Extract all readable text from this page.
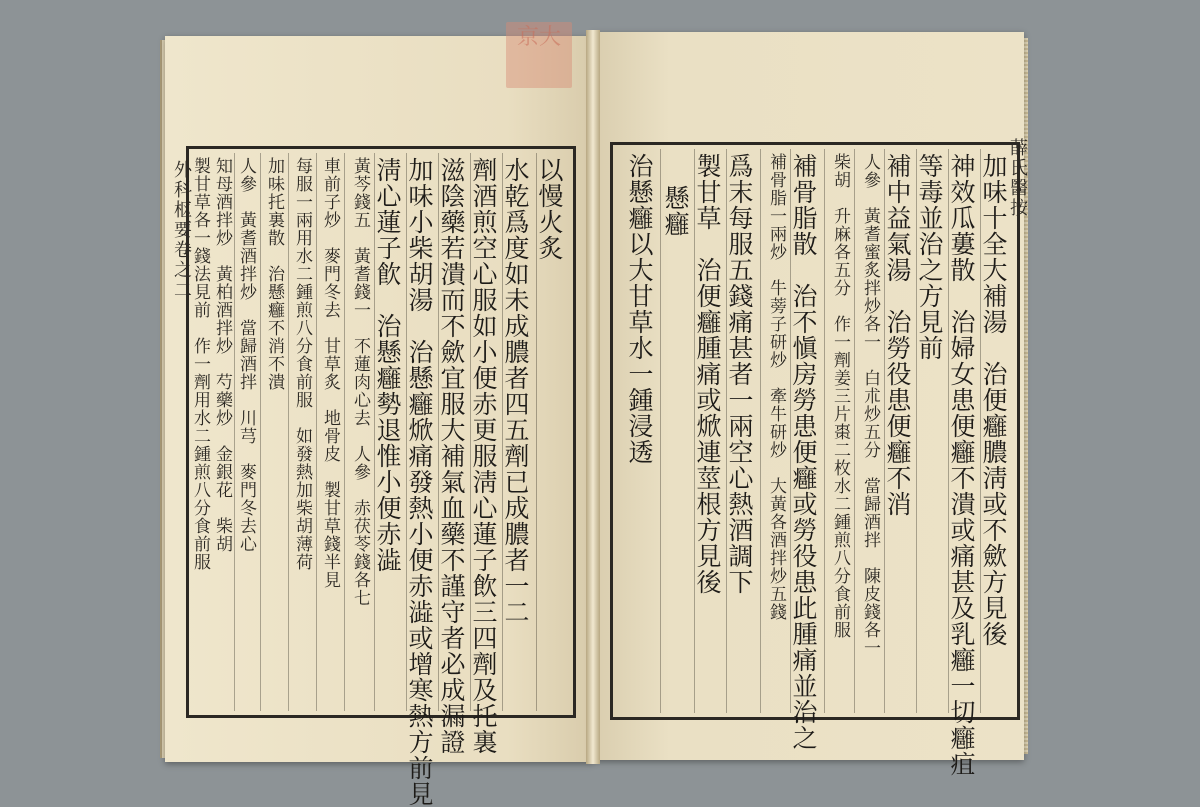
京大
以慢火炙
水乾爲度如未成膿者四五劑已成膿者一二
劑酒煎空心服如小便赤更服淸心蓮子飲三四劑及托裏
滋陰藥若潰而不歛宜服大補氣血藥不謹守者必成漏證
加味小柴胡湯　治懸癰焮痛發熱小便赤澁或增寒熱方前見
淸心蓮子飮　治懸癰勢退惟小便赤澁
黃芩錢五　黃耆錢一　不蓮肉心去　人參　赤茯苓錢各七
車前子炒　麥門冬去　甘草炙　地骨皮　製甘草錢半見
每服一兩用水二鍾煎八分食前服　如發熱加柴胡薄荷
加味托裏散　治懸癰不消不潰
人參　黃耆酒拌炒　當歸酒拌　川芎　麥門冬去心
知母酒拌炒　黃柏酒拌炒　芍藥炒　金銀花　柴胡
製甘草各一錢法見前　作一劑用水二鍾煎八分食前服
外科枢要卷之二	加味十全大補湯　治便癰膿淸或不歛方見後
神效瓜蔞散　治婦女患便癰不潰或痛甚及乳癰一切癰疽
等毒並治之方見前
補中益氣湯　治勞役患便癰不消
人參　黃耆蜜炙拌炒各一　白朮炒五分　當歸酒拌　陳皮錢各一
柴胡　升麻各五分　作一劑姜三片棗二枚水二鍾煎八分食前服
補骨脂散　治不愼房勞患便癰或勞役患此腫痛並治之
補骨脂一兩炒　牛蒡子研炒　牽牛研炒　大黃各酒拌炒五錢
爲末每服五錢痛甚者一兩空心熱酒調下
製甘草　治便癰腫痛或焮連莖根方見後
懸癰
治懸癰以大甘草水一鍾浸透	薛氏醫按
